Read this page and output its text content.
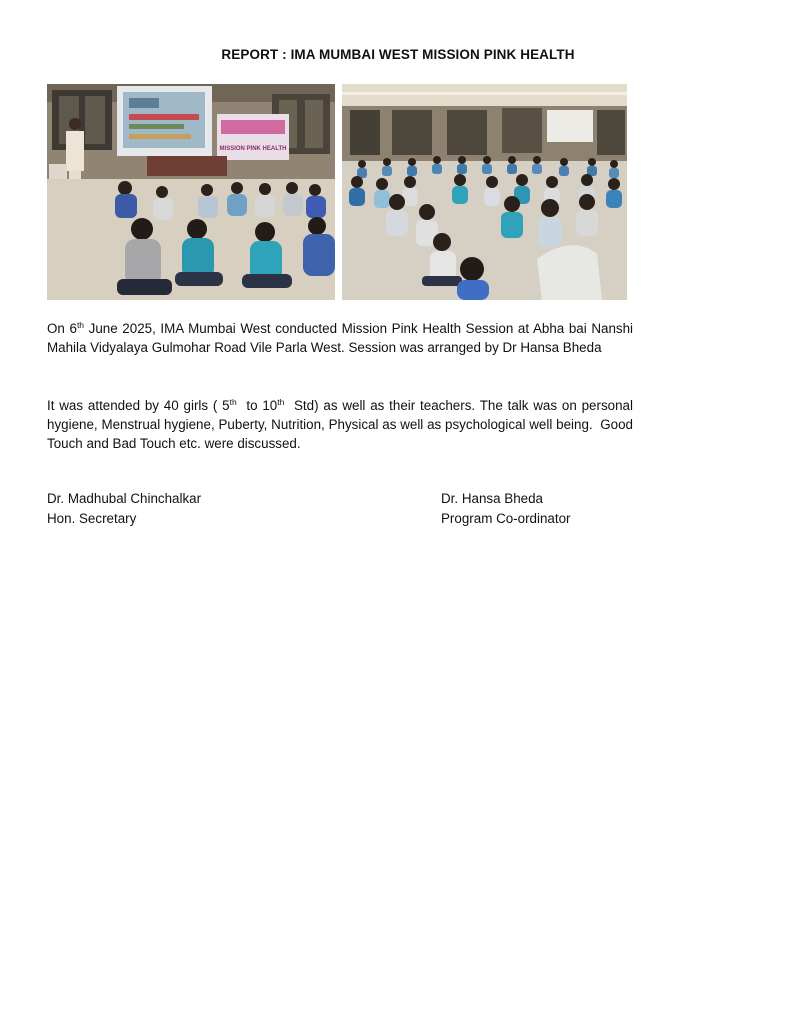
REPORT : IMA MUMBAI WEST MISSION PINK HEALTH
MISSION PINK HEALTH
On 6th June 2025, IMA Mumbai West conducted Mission Pink Health Session at Abha bai Nanshi Mahila Vidyalaya Gulmohar Road Vile Parla West. Session was arranged by Dr Hansa Bheda
It was attended by 40 girls ( 5th  to 10th  Std) as well as their teachers. The talk was on personal hygiene, Menstrual hygiene, Puberty, Nutrition, Physical as well as psychological well being.  Good Touch and Bad Touch etc. were discussed.
Dr. Madhubal Chinchalkar
Hon. Secretary
Dr. Hansa Bheda
Program Co-ordinator
